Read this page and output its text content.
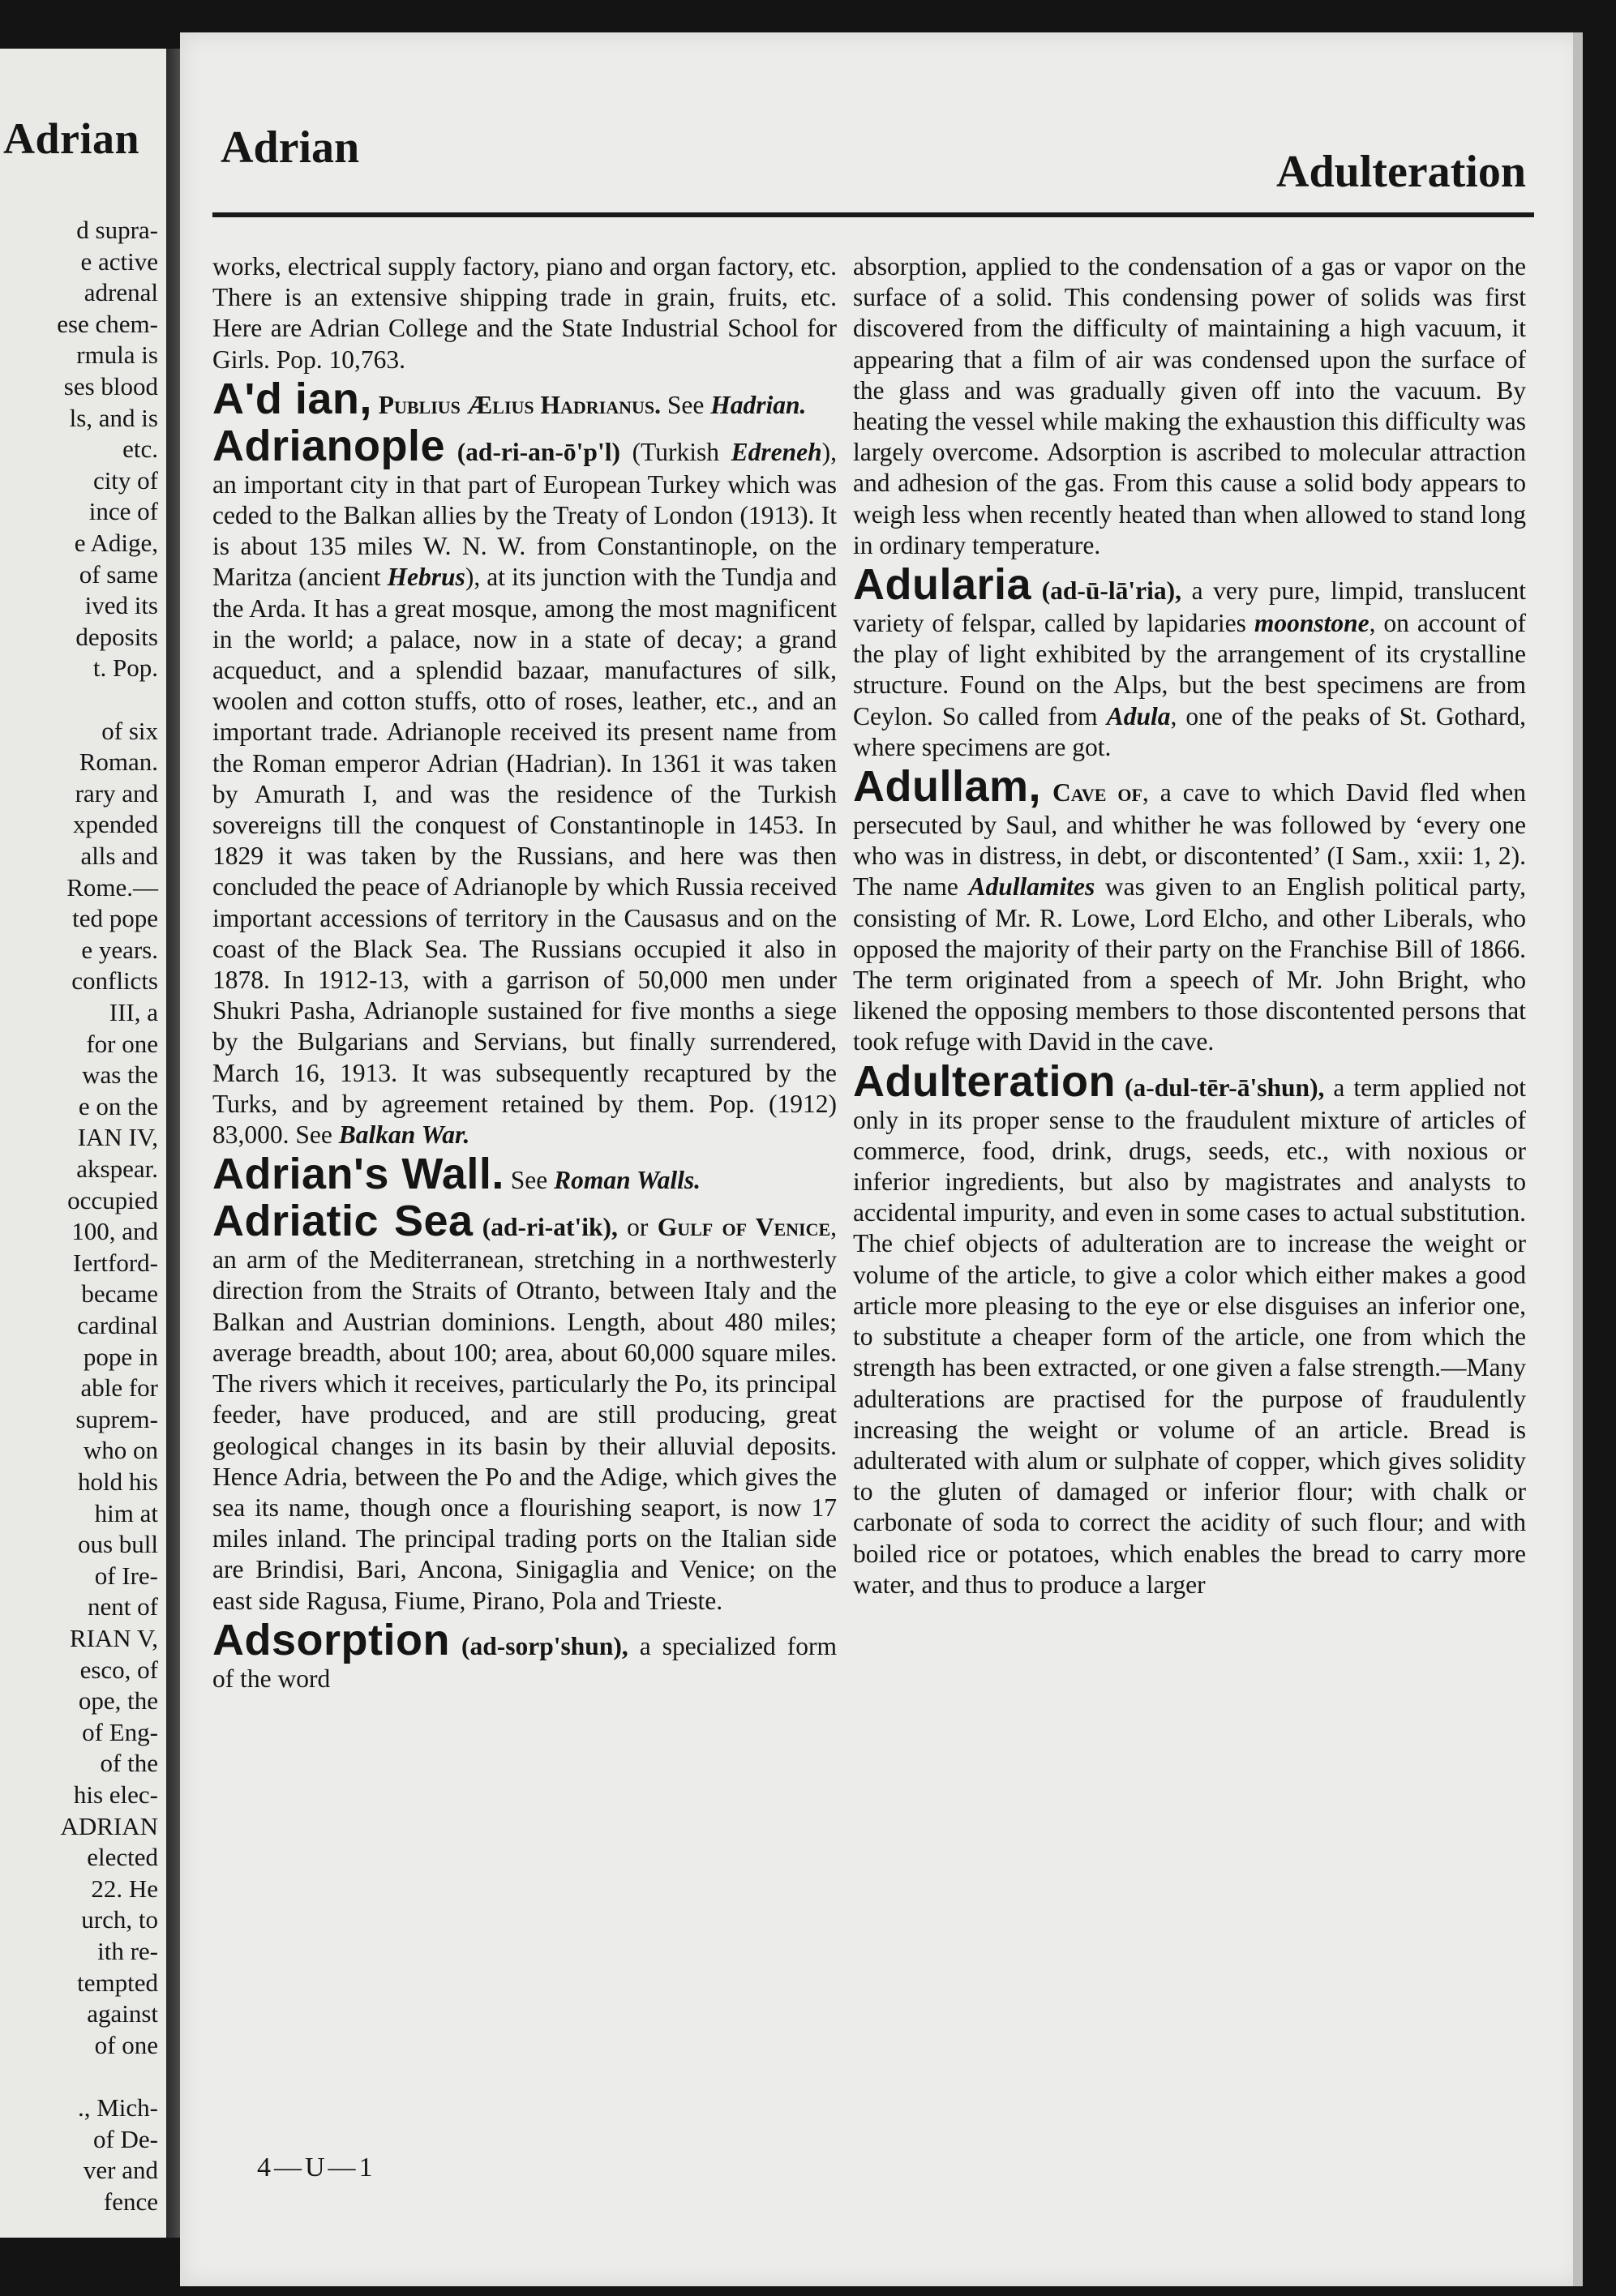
Adrian
d supra-
e active
adrenal
ese chem-
rmula is
ses blood
ls, and is
etc.
city of
ince of
e Adige,
of same
ived its
deposits
t. Pop.
of six
Roman.
rary and
xpended
alls and
Rome.—
ted pope
e years.
conflicts
III, a
for one
was the
e on the
IAN IV,
akspear.
occupied
100, and
Iertford-
became
cardinal
pope in
able for
suprem-
who on
hold his
him at
ous bull
of Ire-
nent of
RIAN V,
esco, of
ope, the
of Eng-
of the
his elec-
ADRIAN
elected
22. He
urch, to
ith re-
tempted
against
of one
., Mich-
of De-
ver and
fence
Adrian	Adulteration

works, electrical supply factory, piano and organ factory, etc. There is an extensive shipping trade in grain, fruits, etc. Here are Adrian College and the State Industrial School for Girls. Pop. 10,763.

A'd ian, Publius Ælius Hadrianus. See Hadrian.

Adrianople (ad-ri-an-ō'p'l) (Turkish Edreneh), an important city in that part of European Turkey which was ceded to the Balkan allies by the Treaty of London (1913). It is about 135 miles W. N. W. from Constantinople, on the Maritza (ancient Hebrus), at its junction with the Tundja and the Arda. It has a great mosque, among the most magnificent in the world; a palace, now in a state of decay; a grand acqueduct, and a splendid bazaar, manufactures of silk, woolen and cotton stuffs, otto of roses, leather, etc., and an important trade. Adrianople received its present name from the Roman emperor Adrian (Hadrian). In 1361 it was taken by Amurath I, and was the residence of the Turkish sovereigns till the conquest of Constantinople in 1453. In 1829 it was taken by the Russians, and here was then concluded the peace of Adrianople by which Russia received important accessions of territory in the Causasus and on the coast of the Black Sea. The Russians occupied it also in 1878. In 1912-13, with a garrison of 50,000 men under Shukri Pasha, Adrianople sustained for five months a siege by the Bulgarians and Servians, but finally surrendered, March 16, 1913. It was subsequently recaptured by the Turks, and by agreement retained by them. Pop. (1912) 83,000. See Balkan War.

Adrian's Wall. See Roman Walls.

Adriatic Sea (ad-ri-at'ik), or Gulf of Venice, an arm of the Mediterranean, stretching in a northwesterly direction from the Straits of Otranto, between Italy and the Balkan and Austrian dominions. Length, about 480 miles; average breadth, about 100; area, about 60,000 square miles. The rivers which it receives, particularly the Po, its principal feeder, have produced, and are still producing, great geological changes in its basin by their alluvial deposits. Hence Adria, between the Po and the Adige, which gives the sea its name, though once a flourishing seaport, is now 17 miles inland. The principal trading ports on the Italian side are Brindisi, Bari, Ancona, Sinigaglia and Venice; on the east side Ragusa, Fiume, Pirano, Pola and Trieste.

Adsorption (ad-sorp'shun), a specialized form of the word

4—U—1

absorption, applied to the condensation of a gas or vapor on the surface of a solid. This condensing power of solids was first discovered from the difficulty of maintaining a high vacuum, it appearing that a film of air was condensed upon the surface of the glass and was gradually given off into the vacuum. By heating the vessel while making the exhaustion this difficulty was largely overcome. Adsorption is ascribed to molecular attraction and adhesion of the gas. From this cause a solid body appears to weigh less when recently heated than when allowed to stand long in ordinary temperature.

Adularia (ad-ū-lā'ria), a very pure, limpid, translucent variety of felspar, called by lapidaries moonstone, on account of the play of light exhibited by the arrangement of its crystalline structure. Found on the Alps, but the best specimens are from Ceylon. So called from Adula, one of the peaks of St. Gothard, where specimens are got.

Adullam, Cave of, a cave to which David fled when persecuted by Saul, and whither he was followed by ‘every one who was in distress, in debt, or discontented’ (I Sam., xxii: 1, 2). The name Adullamites was given to an English political party, consisting of Mr. R. Lowe, Lord Elcho, and other Liberals, who opposed the majority of their party on the Franchise Bill of 1866. The term originated from a speech of Mr. John Bright, who likened the opposing members to those discontented persons that took refuge with David in the cave.

Adulteration (a-dul-tēr-ā'shun), a term applied not only in its proper sense to the fraudulent mixture of articles of commerce, food, drink, drugs, seeds, etc., with noxious or inferior ingredients, but also by magistrates and analysts to accidental impurity, and even in some cases to actual substitution. The chief objects of adulteration are to increase the weight or volume of the article, to give a color which either makes a good article more pleasing to the eye or else disguises an inferior one, to substitute a cheaper form of the article, one from which the strength has been extracted, or one given a false strength.—Many adulterations are practised for the purpose of fraudulently increasing the weight or volume of an article. Bread is adulterated with alum or sulphate of copper, which gives solidity to the gluten of damaged or inferior flour; with chalk or carbonate of soda to correct the acidity of such flour; and with boiled rice or potatoes, which enables the bread to carry more water, and thus to produce a larger
